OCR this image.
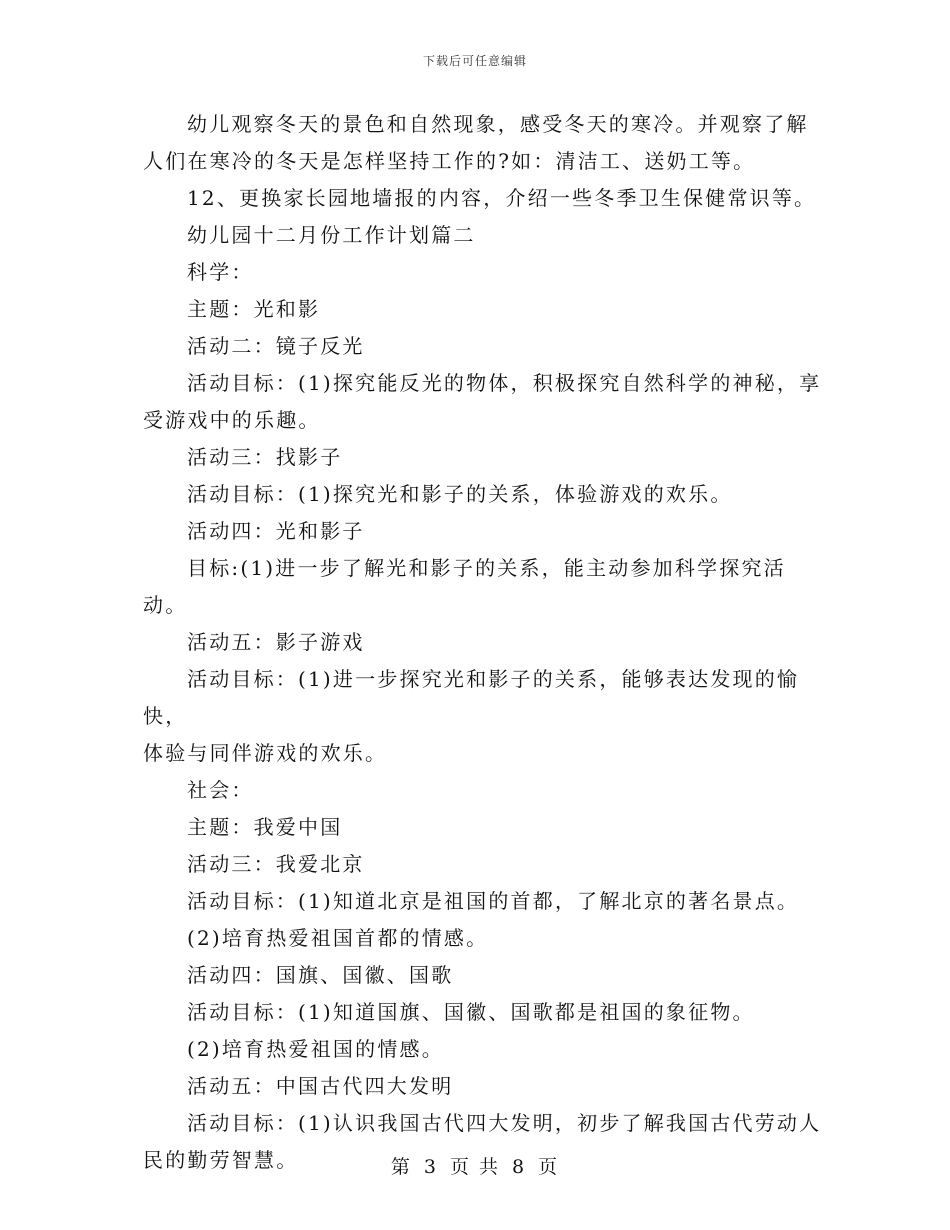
下载后可任意编辑

幼儿观察冬天的景色和自然现象，感受冬天的寒冷。并观察了解
人们在寒冷的冬天是怎样坚持工作的?如：清洁工、送奶工等。

12、更换家长园地墙报的内容，介绍一些冬季卫生保健常识等。

幼儿园十二月份工作计划篇二

科学：

主题：光和影

活动二：镜子反光

活动目标：(1)探究能反光的物体，积极探究自然科学的神秘，享
受游戏中的乐趣。

活动三：找影子

活动目标：(1)探究光和影子的关系，体验游戏的欢乐。

活动四：光和影子

目标:(1)进一步了解光和影子的关系，能主动参加科学探究活动。

活动五：影子游戏

活动目标：(1)进一步探究光和影子的关系，能够表达发现的愉快，
体验与同伴游戏的欢乐。

社会：

主题：我爱中国

活动三：我爱北京

活动目标：(1)知道北京是祖国的首都，了解北京的著名景点。

(2)培育热爱祖国首都的情感。

活动四：国旗、国徽、国歌

活动目标：(1)知道国旗、国徽、国歌都是祖国的象征物。

(2)培育热爱祖国的情感。

活动五：中国古代四大发明

活动目标：(1)认识我国古代四大发明，初步了解我国古代劳动人
民的勤劳智慧。	第 3 页 共 8 页
